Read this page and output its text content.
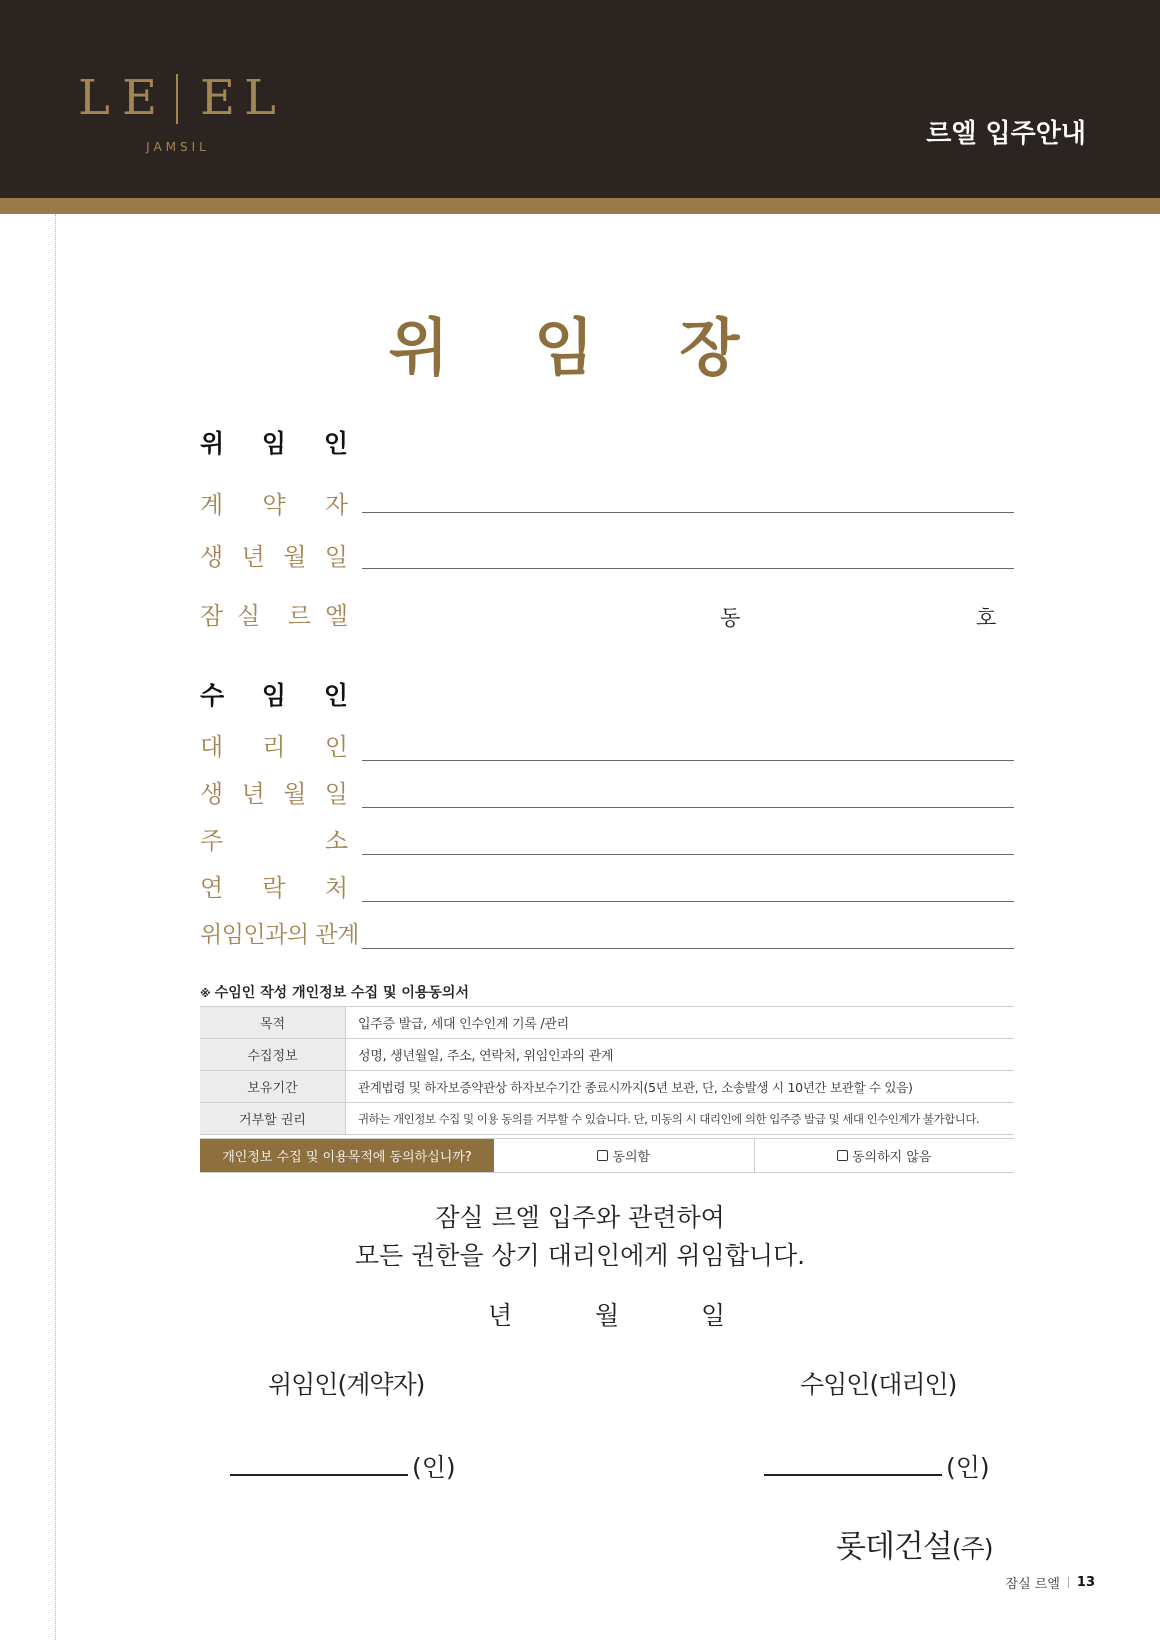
L E E L
JAMSIL	르엘 입주안내
위 임 장
위 임 인
계 약 자
생 년 월 일
잠 실 르 엘	동	호
수 임 인
대 리 인
생 년 월 일
주	소
연 락 처
위임인과의 관계
※ 수임인 작성 개인정보 수집 및 이용동의서
목적	입주증 발급, 세대 인수인계 기록 /관리
수집정보	성명, 생년월일, 주소, 연락처, 위임인과의 관계
보유기간	관계법령 및 하자보증약관상 하자보수기간 종료시까지(5년 보관, 단, 소송발생 시 10년간 보관할 수 있음)
거부할 권리	귀하는 개인정보 수집 및 이용 동의를 거부할 수 있습니다. 단, 미동의 시 대리인에 의한 입주증 발급 및 세대 인수인계가 불가합니다.
개인정보 수집 및 이용목적에 동의하십니까?	동의함	동의하지 않음
잠실 르엘 입주와 관련하여
모든 권한을 상기 대리인에게 위임합니다.
년	월	일
위임인(계약자)	수임인(대리인)
(인)	(인)
롯데건설(주)
잠실 르엘 13
